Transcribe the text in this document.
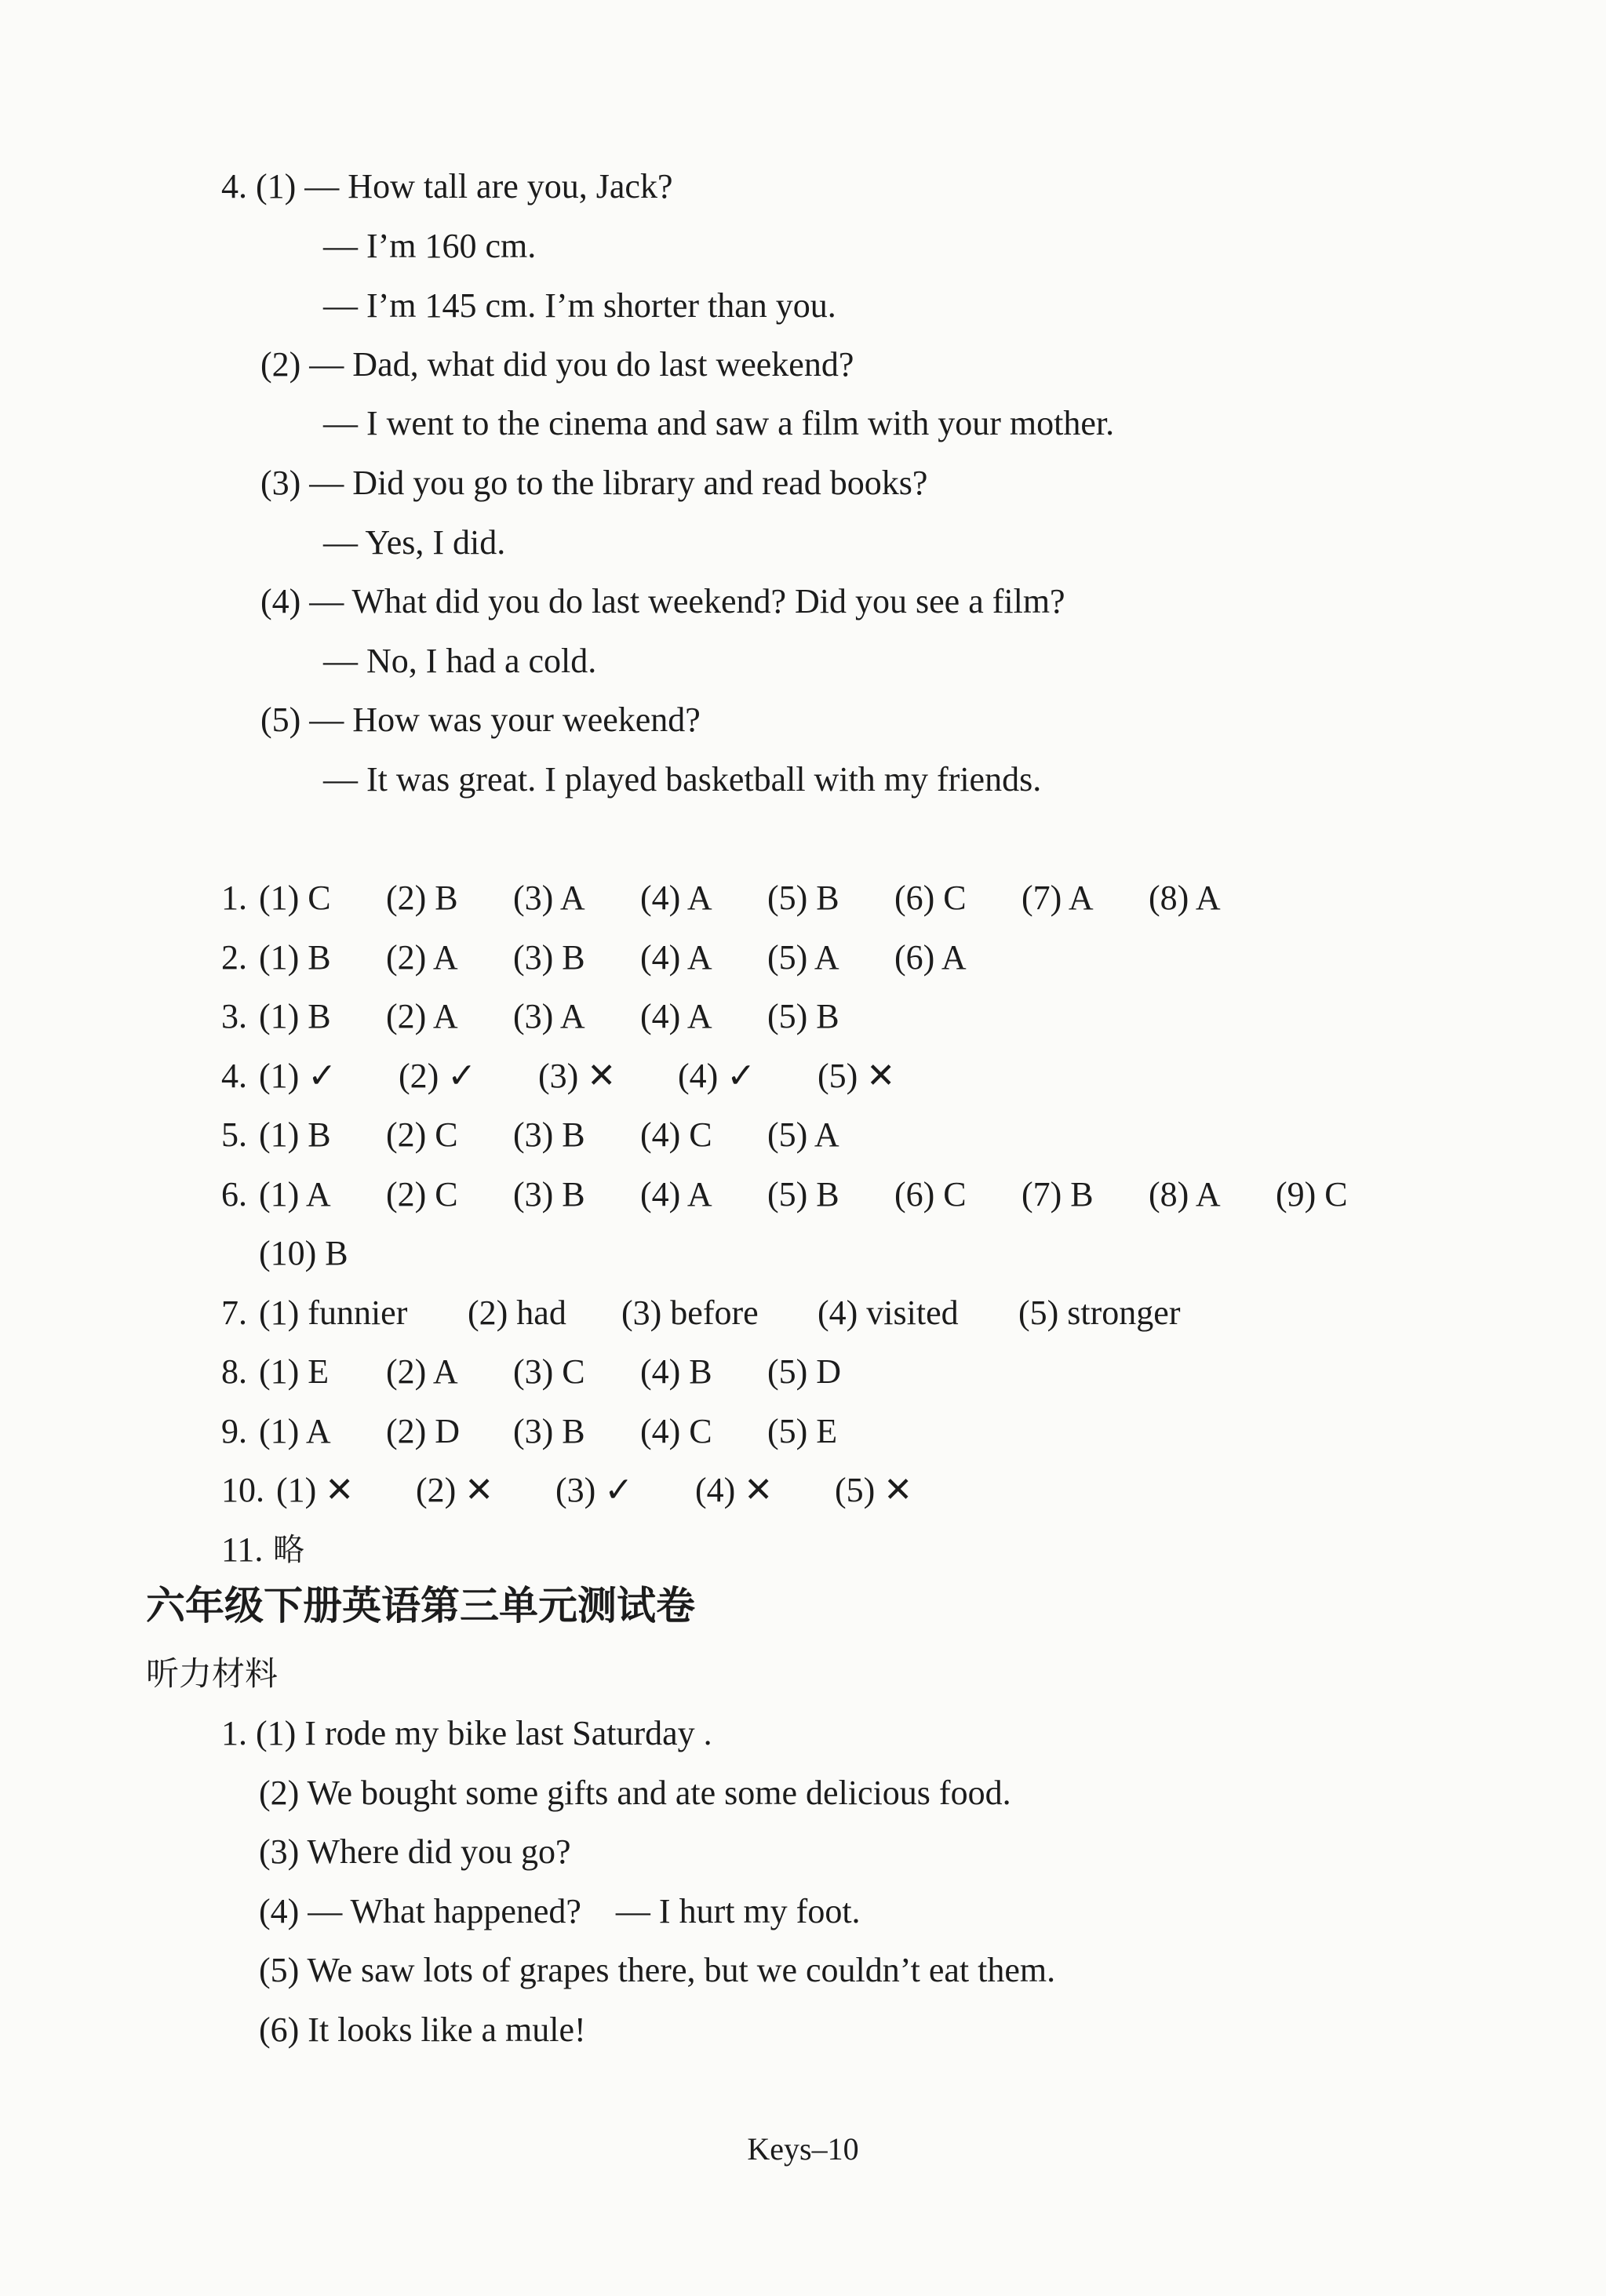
4. (1) — How tall are you, Jack?
— I’m 160 cm.
— I’m 145 cm. I’m shorter than you.
(2) — Dad, what did you do last weekend?
— I went to the cinema and saw a film with your mother.
(3) — Did you go to the library and read books?
— Yes, I did.
(4) — What did you do last weekend? Did you see a film?
— No, I had a cold.
(5) — How was your weekend?
— It was great. I played basketball with my friends.

1.

(1) C

(2) B

(3) A

(4) A

(5) B

(6) C

(7) A

(8) A

2.

(1) B

(2) A

(3) B

(4) A

(5) A

(6) A

3.

(1) B

(2) A

(3) A

(4) A

(5) B

4.

(1) ✓

(2) ✓

(3) ✕

(4) ✓

(5) ✕

5.

(1) B

(2) C

(3) B

(4) C

(5) A

6.

(1) A

(2) C

(3) B

(4) A

(5) B

(6) C

(7) B

(8) A

(9) C

(10) B

7.

(1) funnier

(2) had

(3) before

(4) visited

(5) stronger

8.

(1) E

(2) A

(3) C

(4) B

(5) D

9.

(1) A

(2) D

(3) B

(4) C

(5) E

10.

(1) ✕

(2) ✕

(3) ✓

(4) ✕

(5) ✕

11.

略

六年级下册英语第三单元测试卷
听力材料
1. (1) I rode my bike last Saturday .
(2) We bought some gifts and ate some delicious food.
(3) Where did you go?
(4) — What happened?    — I hurt my foot.
(5) We saw lots of grapes there, but we couldn’t eat them.
(6) It looks like a mule!
Keys–10
